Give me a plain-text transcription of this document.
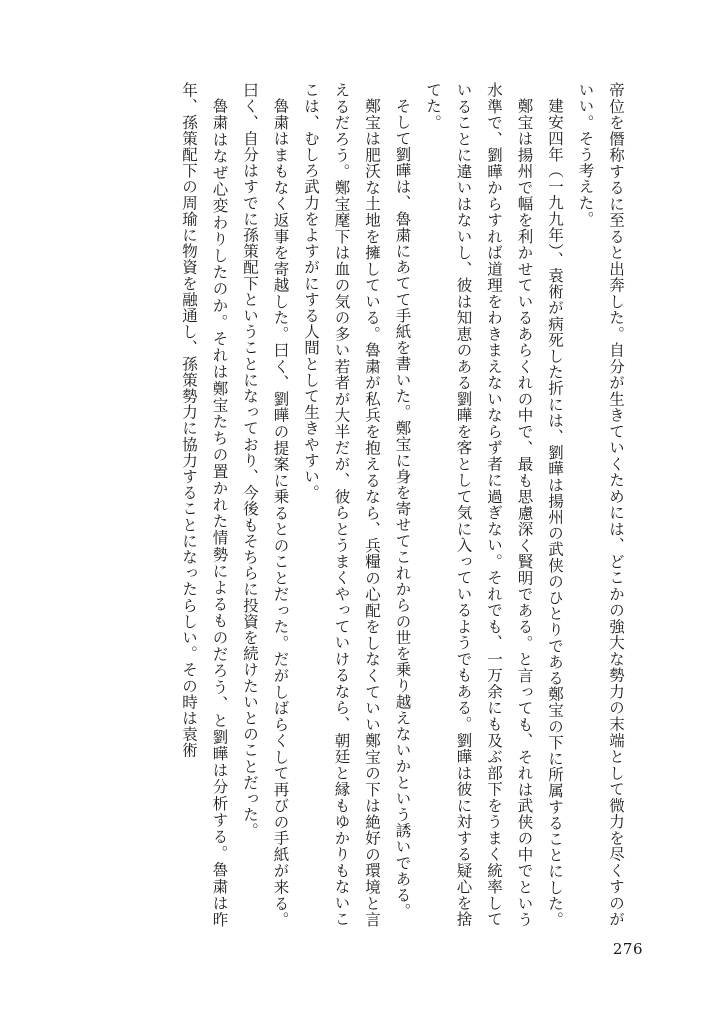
帝位を僭称するに至ると出奔した。自分が生きていくためには、どこかの強大な勢力の末端として微力を尽くすのがいい。そう考えた。

建安四年（一九九年）、袁術が病死した折には、劉曄は揚州の武侠のひとりである鄭宝の下に所属することにした。

鄭宝は揚州で幅を利かせているあらくれの中で、最も思慮深く賢明である。と言っても、それは武侠の中でという水準で、劉曄からすれば道理をわきまえないならず者に過ぎない。それでも、一万余にも及ぶ部下をうまく統率していることに違いはないし、彼は知恵のある劉曄を客として気に入っているようでもある。劉曄は彼に対する疑心を捨てた。

そして劉曄は、魯粛にあてて手紙を書いた。鄭宝に身を寄せてこれからの世を乗り越えないかという誘いである。

鄭宝は肥沃な土地を擁している。魯粛が私兵を抱えるなら、兵糧の心配をしなくていい鄭宝の下は絶好の環境と言えるだろう。鄭宝麾下は血の気の多い若者が大半だが、彼らとうまくやっていけるなら、朝廷と縁もゆかりもないここは、むしろ武力をよすがにする人間として生きやすい。

魯粛はまもなく返事を寄越した。曰く、劉曄の提案に乗るとのことだった。だがしばらくして再びの手紙が来る。曰く、自分はすでに孫策配下ということになっており、今後もそちらに投資を続けたいとのことだった。

魯粛はなぜ心変わりしたのか。それは鄭宝たちの置かれた情勢によるものだろう、と劉曄は分析する。魯粛は昨年、孫策配下の周瑜に物資を融通し、孫策勢力に協力することになったらしい。その時は袁術

276
